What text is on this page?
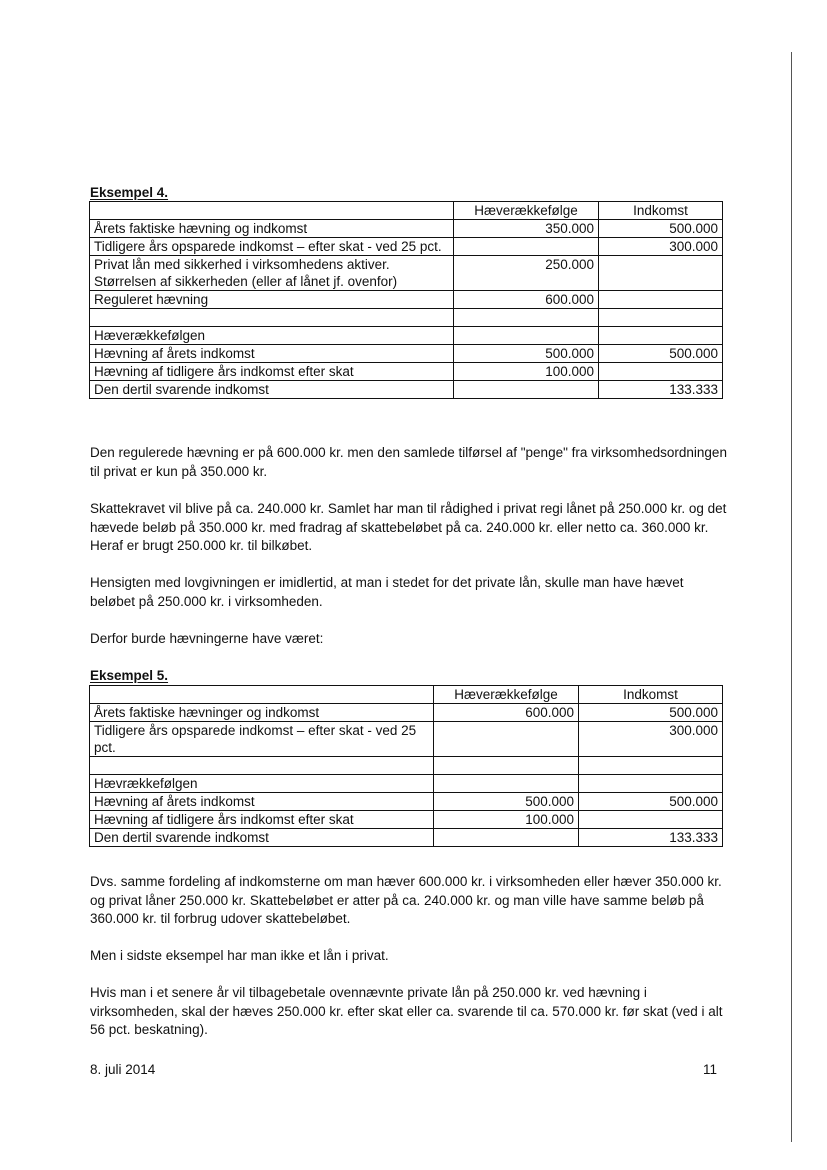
Eksempel 4.
	Hæverækkefølge	Indkomst
Årets faktiske hævning og indkomst	350.000	500.000
Tidligere års opsparede indkomst – efter skat - ved 25 pct.		300.000
Privat lån med sikkerhed i virksomhedens aktiver. Størrelsen af sikkerheden (eller af lånet jf. ovenfor)	250.000	
Reguleret hævning	600.000	

Hæverækkefølgen		
Hævning af årets indkomst	500.000	500.000
Hævning af tidligere års indkomst efter skat	100.000	
Den dertil svarende indkomst		133.333

Den regulerede hævning er på 600.000 kr. men den samlede tilførsel af "penge" fra virksomhedsordningen til privat er kun på 350.000 kr.

Skattekravet vil blive på ca. 240.000 kr. Samlet har man til rådighed i privat regi lånet på 250.000 kr. og det hævede beløb på 350.000 kr. med fradrag af skattebeløbet på ca. 240.000 kr. eller netto ca. 360.000 kr. Heraf er brugt 250.000 kr. til bilkøbet.

Hensigten med lovgivningen er imidlertid, at man i stedet for det private lån, skulle man have hævet beløbet på 250.000 kr. i virksomheden.

Derfor burde hævningerne have været:

Eksempel 5.
	Hæverækkefølge	Indkomst
Årets faktiske hævninger og indkomst	600.000	500.000
Tidligere års opsparede indkomst – efter skat - ved 25 pct.		300.000

Hævrækkefølgen		
Hævning af årets indkomst	500.000	500.000
Hævning af tidligere års indkomst efter skat	100.000	
Den dertil svarende indkomst		133.333

Dvs. samme fordeling af indkomsterne om man hæver 600.000 kr. i virksomheden eller hæver 350.000 kr. og privat låner 250.000 kr. Skattebeløbet er atter på ca. 240.000 kr. og man ville have samme beløb på 360.000 kr. til forbrug udover skattebeløbet.

Men i sidste eksempel har man ikke et lån i privat.

Hvis man i et senere år vil tilbagebetale ovennævnte private lån på 250.000 kr. ved hævning i virksomheden, skal der hæves 250.000 kr. efter skat eller ca. svarende til ca. 570.000 kr. før skat (ved i alt 56 pct. beskatning).

8. juli 2014	11
